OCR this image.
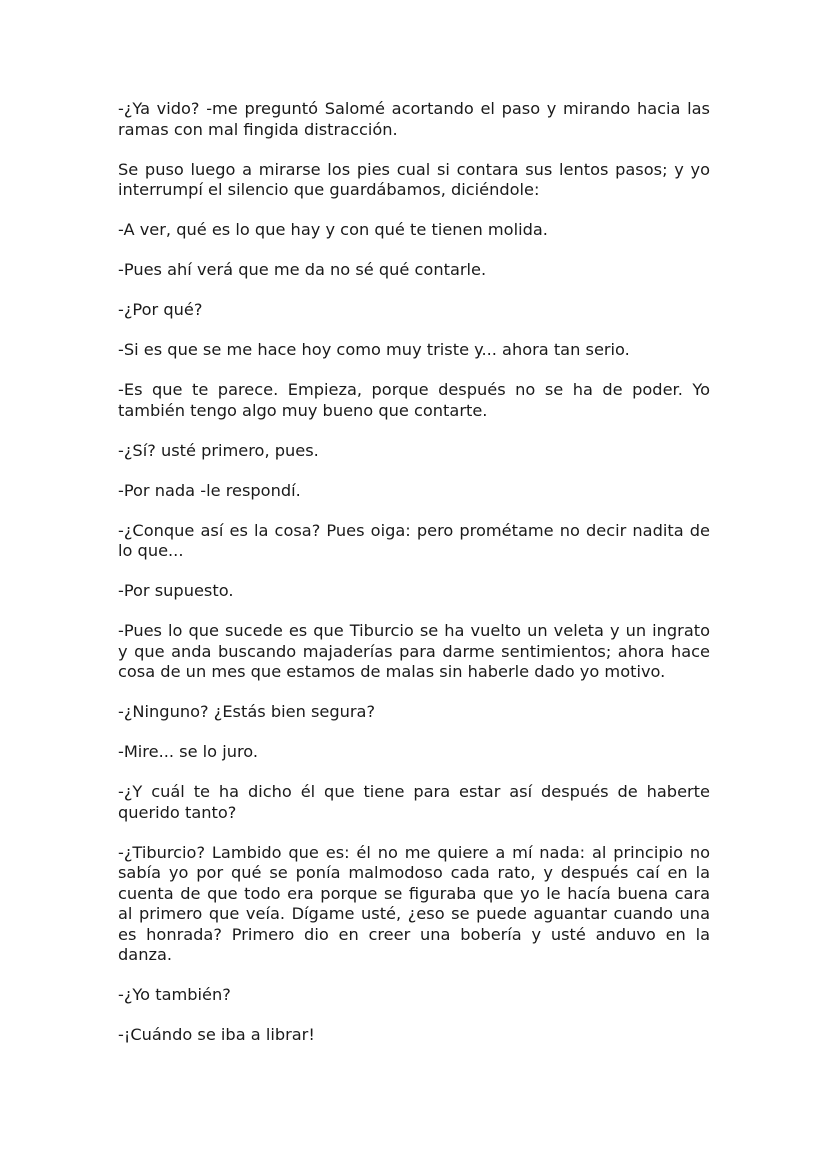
-¿Ya vido? -me preguntó Salomé acortando el paso y mirando hacia las ramas con mal fingida distracción.

Se puso luego a mirarse los pies cual si contara sus lentos pasos; y yo interrumpí el silencio que guardábamos, diciéndole:

-A ver, qué es lo que hay y con qué te tienen molida.

-Pues ahí verá que me da no sé qué contarle.

-¿Por qué?

-Si es que se me hace hoy como muy triste y... ahora tan serio.

-Es que te parece. Empieza, porque después no se ha de poder. Yo también tengo algo muy bueno que contarte.

-¿Sí? usté primero, pues.

-Por nada -le respondí.

-¿Conque así es la cosa? Pues oiga: pero prométame no decir nadita de lo que...

-Por supuesto.

-Pues lo que sucede es que Tiburcio se ha vuelto un veleta y un ingrato y que anda buscando majaderías para darme sentimientos; ahora hace cosa de un mes que estamos de malas sin haberle dado yo motivo.

-¿Ninguno? ¿Estás bien segura?

-Mire... se lo juro.

-¿Y cuál te ha dicho él que tiene para estar así después de haberte querido tanto?

-¿Tiburcio? Lambido que es: él no me quiere a mí nada: al principio no sabía yo por qué se ponía malmodoso cada rato, y después caí en la cuenta de que todo era porque se figuraba que yo le hacía buena cara al primero que veía. Dígame usté, ¿eso se puede aguantar cuando una es honrada? Primero dio en creer una bobería y usté anduvo en la danza.

-¿Yo también?

-¡Cuándo se iba a librar!
